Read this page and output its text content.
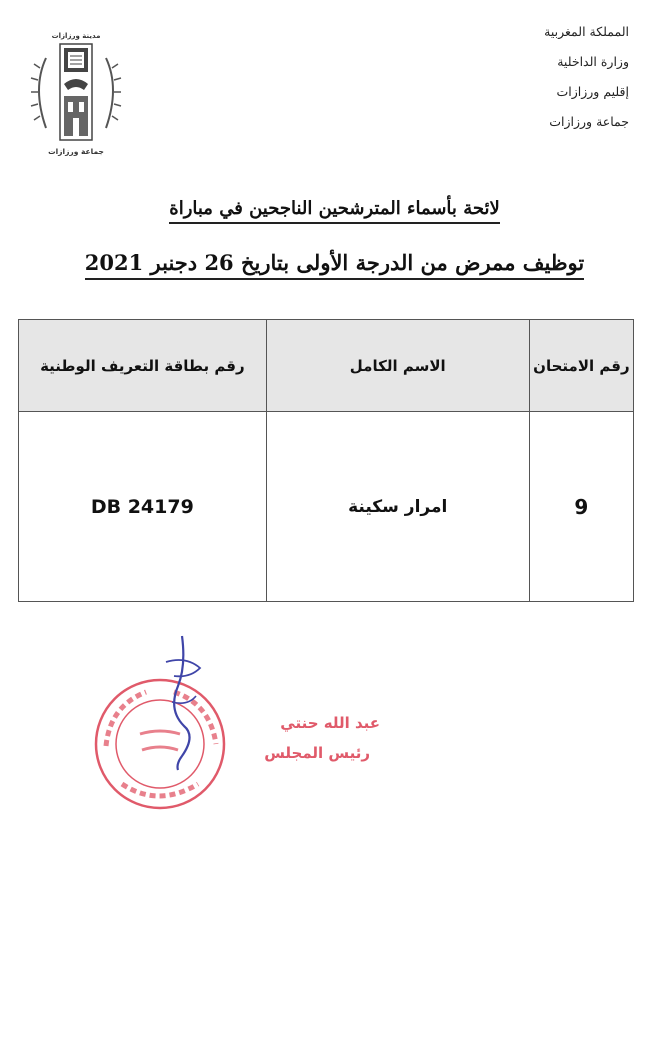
المملكة المغربية
وزارة الداخلية
إقليم ورزازات
جماعة ورزازات
مدينة ورزازات
جماعة ورزازات
لائحة بأسماء المترشحين الناجحين في مباراة
توظيف ممرض من الدرجة الأولى بتاريخ 26 دجنبر 2021
رقم الامتحان	الاسم الكامل	رقم بطاقة التعريف الوطنية
9	امرار سكينة	DB 24179
عبد الله حنتي
رئيس المجلس
